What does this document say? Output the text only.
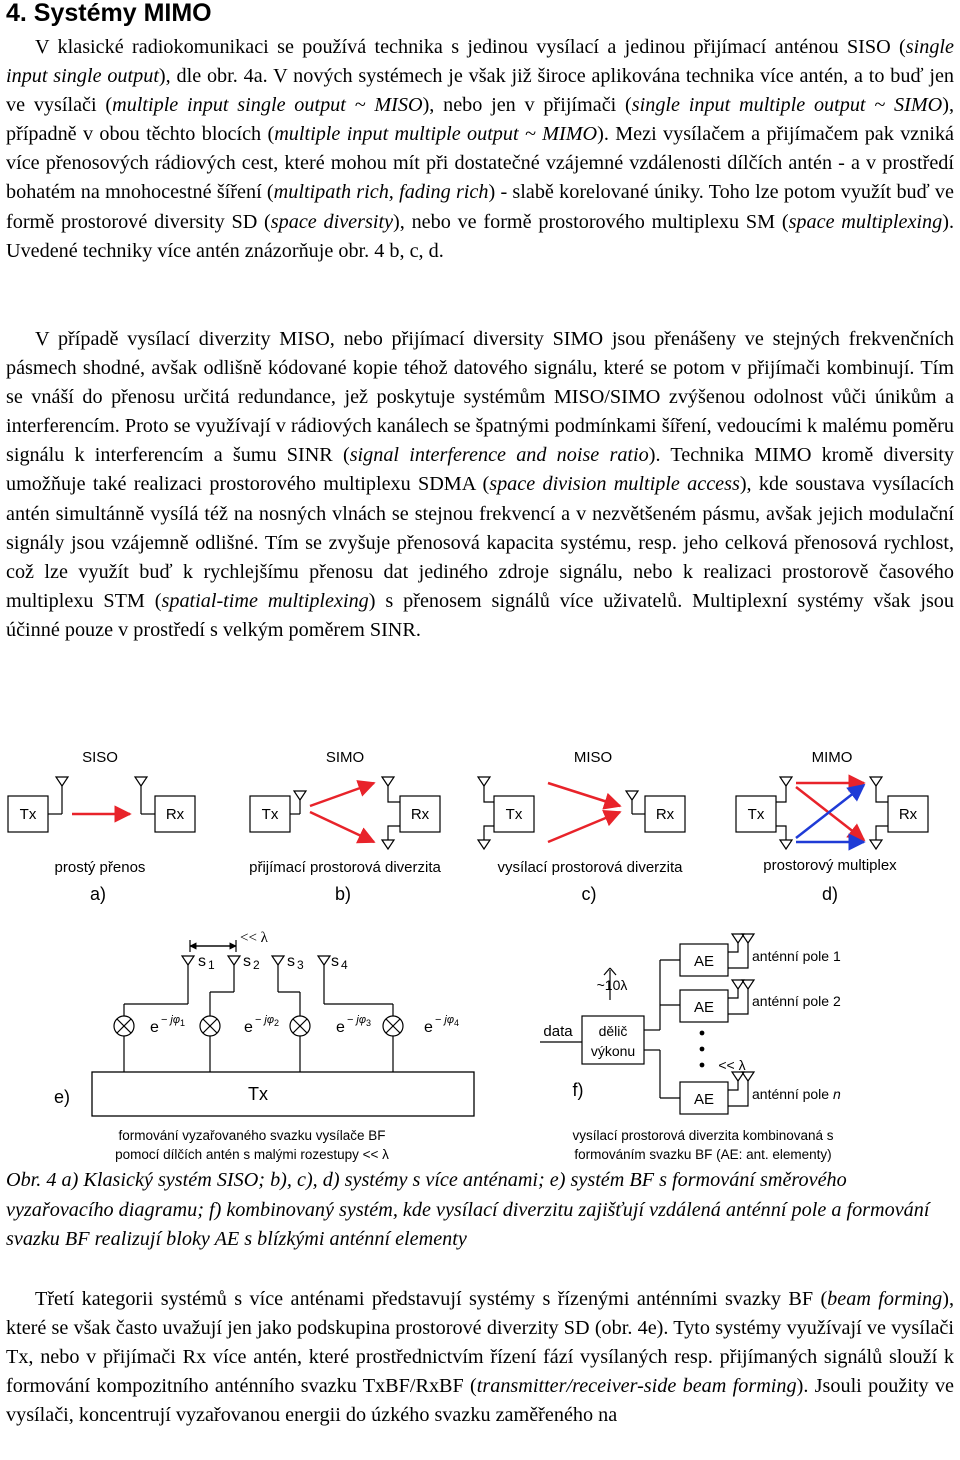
4. Systémy MIMO

V klasické radiokomunikaci se používá technika s jedinou vysílací a jedinou přijímací anténou SISO (single input single output), dle obr. 4a. V nových systémech je však již široce aplikována technika více antén, a to buď jen ve vysílači (multiple input single output ~ MISO), nebo jen v přijímači (single input multiple output ~ SIMO), případně v obou těchto blocích (multiple input multiple output ~ MIMO). Mezi vysílačem a přijímačem pak vzniká více přenosových rádiových cest, které mohou mít při dostatečné vzájemné vzdálenosti dílčích antén - a v prostředí bohatém na mnohocestné šíření (multipath rich, fading rich) - slabě korelované úniky. Toho lze potom využít buď ve formě prostorové diversity SD (space diversity), nebo ve formě prostorového multiplexu SM (space multiplexing). Uvedené techniky více antén znázorňuje obr. 4 b, c, d.

V případě vysílací diverzity MISO, nebo přijímací diversity SIMO jsou přenášeny ve stejných frekvenčních pásmech shodné, avšak odlišně kódované kopie téhož datového signálu, které se potom v přijímači kombinují. Tím se vnáší do přenosu určitá redundance, jež poskytuje systémům MISO/SIMO zvýšenou odolnost vůči únikům a interferencím. Proto se využívají v rádiových kanálech se špatnými podmínkami šíření, vedoucími k malému poměru signálu k interferencím a šumu SINR (signal interference and noise ratio). Technika MIMO kromě diversity umožňuje také realizaci prostorového multiplexu SDMA (space division multiple access), kde soustava vysílacích antén simultánně vysílá též na nosných vlnách se stejnou frekvencí a v nezvětšeném pásmu, avšak jejich modulační signály jsou vzájemně odlišné. Tím se zvyšuje přenosová kapacita systému, resp. jeho celková přenosová rychlost, což lze využít buď k rychlejšímu přenosu dat jediného zdroje signálu, nebo k realizaci prostorově časového multiplexu STM (spatial-time multiplexing) s přenosem signálů více uživatelů. Multiplexní systémy však jsou účinné pouze v prostředí s velkým poměrem SINR.

SISO
Tx	Rx
prostý přenos
a)
SIMO
Tx	Rx
přijímací prostorová diverzita
b)
MISO
Tx	Rx
vysílací prostorová diverzita
c)
MIMO
Tx	Rx
prostorový multiplex
d)
Tx
e)
<< λ
s 1 s 2 s 3 s 4
e $^{- j\varphi}$1	e $^{- j\varphi}$2	e $^{- j\varphi}$3	e $^{- j\varphi}$4
formování vyzařovaného svazku vysílače BF
pomocí dílčích antén s malými rozestupy << λ
data dělič
výkonu
~10λ
<< λ
AE
AE
AE
anténní pole 1
anténní pole 2
anténní pole n
f)
vysílací prostorová diverzita kombinovaná s
formováním svazku BF (AE: ant. elementy)

Obr. 4 a) Klasický systém SISO; b), c), d) systémy s více anténami; e) systém BF s formování směrového vyzařovacího diagramu; f) kombinovaný systém, kde vysílací diverzitu zajišťují vzdálená anténní pole a formování svazku BF realizují bloky AE s blízkými anténní elementy

Třetí kategorii systémů s více anténami představují systémy s řízenými anténními svazky BF (beam forming), které se však často uvažují jen jako podskupina prostorové diverzity SD (obr. 4e). Tyto systémy využívají ve vysílači Tx, nebo v přijímači Rx více antén, které prostřednictvím řízení fází vysílaných resp. přijímaných signálů slouží k formování kompozitního anténního svazku TxBF/RxBF (transmitter/receiver-side beam forming). Jsouli použity ve vysílači, koncentrují vyzařovanou energii do úzkého svazku zaměřeného na
